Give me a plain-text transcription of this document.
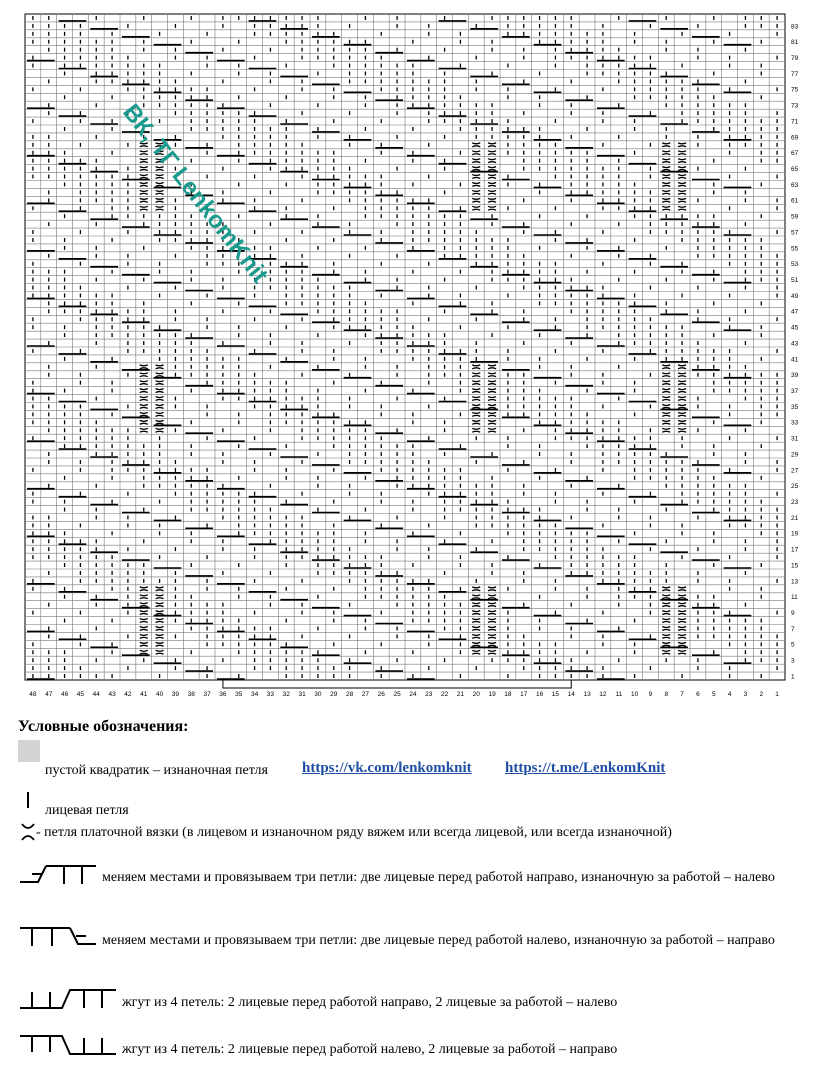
1
3
5
7
9
11
13
15
17
19
21
23
25
27
29
31
33
35
37
39
41
43
45
47
49
51
53
55
57
59
61
63
65
67
69
71
73
75
77
79
81
83
48 47 46 45 44 43 42 41 40 39 38 37 36 35 34 33 32 31 30 29 28 27 26 25 24 23 22 21 20 19 18 17 16 15 14 13 12 11 10 9 8 7 6 5 4 3 2 1
ВК, ТГ LenkomKnit
Условные обозначения:
пустой квадратик – изнаночная петля https://vk.com/lenkomknit https://t.me/LenkomKnit
лицевая петля
- петля платочной вязки (в лицевом и изнаночном ряду вяжем или всегда лицевой, или всегда изнаночной)
меняем местами и провязываем три петли: две лицевые перед работой направо, изнаночную за работой – налево
меняем местами и провязываем три петли: две лицевые перед работой налево, изнаночную за работой – направо
жгут из 4 петель: 2 лицевые перед работой направо, 2 лицевые за работой – налево
жгут из 4 петель: 2 лицевые перед работой налево, 2 лицевые за работой – направо
